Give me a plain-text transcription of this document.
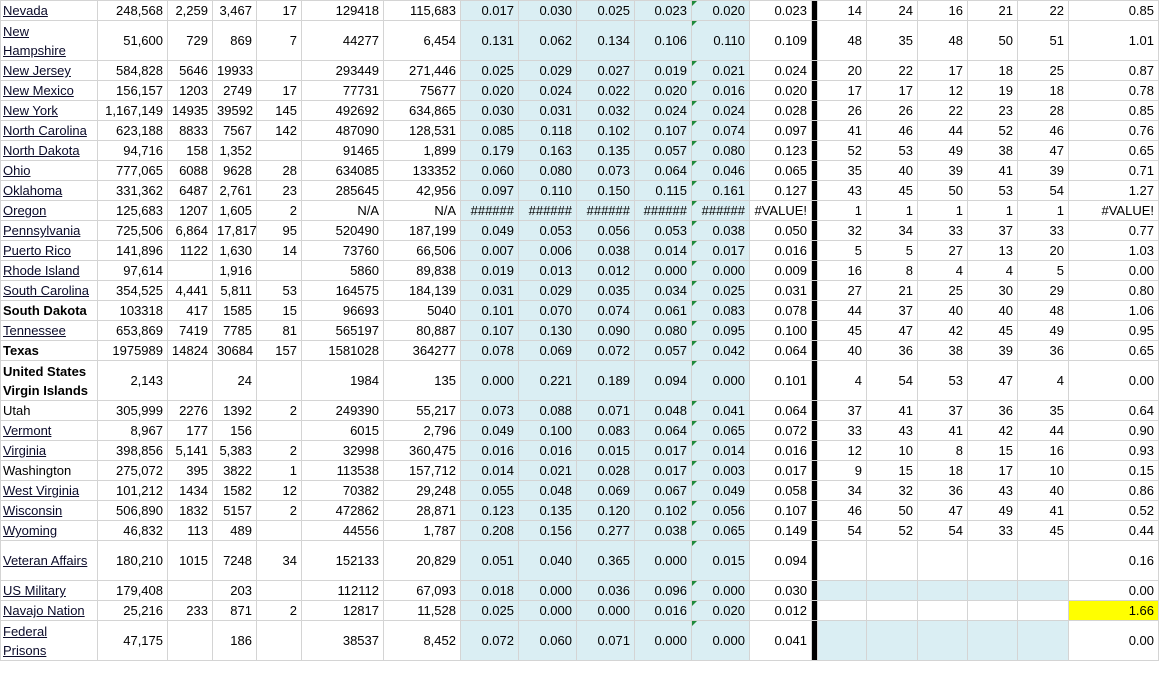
Nevada	248,568	2,259	3,467	17	129418	115,683	0.017	0.030	0.025	0.023	0.020	0.023		14	24	16	21	22	0.85
New Hampshire	51,600	729	869	7	44277	6,454	0.131	0.062	0.134	0.106	0.110	0.109		48	35	48	50	51	1.01
New Jersey	584,828	5646	19933		293449	271,446	0.025	0.029	0.027	0.019	0.021	0.024		20	22	17	18	25	0.87
New Mexico	156,157	1203	2749	17	77731	75677	0.020	0.024	0.022	0.020	0.016	0.020		17	17	12	19	18	0.78
New York	1,167,149	14935	39592	145	492692	634,865	0.030	0.031	0.032	0.024	0.024	0.028		26	26	22	23	28	0.85
North Carolina	623,188	8833	7567	142	487090	128,531	0.085	0.118	0.102	0.107	0.074	0.097		41	46	44	52	46	0.76
North Dakota	94,716	158	1,352		91465	1,899	0.179	0.163	0.135	0.057	0.080	0.123		52	53	49	38	47	0.65
Ohio	777,065	6088	9628	28	634085	133352	0.060	0.080	0.073	0.064	0.046	0.065		35	40	39	41	39	0.71
Oklahoma	331,362	6487	2,761	23	285645	42,956	0.097	0.110	0.150	0.115	0.161	0.127		43	45	50	53	54	1.27
Oregon	125,683	1207	1,605	2	N/A	N/A	######	######	######	######	######	#VALUE!		1	1	1	1	1	#VALUE!
Pennsylvania	725,506	6,864	17,817	95	520490	187,199	0.049	0.053	0.056	0.053	0.038	0.050		32	34	33	37	33	0.77
Puerto Rico	141,896	1122	1,630	14	73760	66,506	0.007	0.006	0.038	0.014	0.017	0.016		5	5	27	13	20	1.03
Rhode Island	97,614		1,916		5860	89,838	0.019	0.013	0.012	0.000	0.000	0.009		16	8	4	4	5	0.00
South Carolina	354,525	4,441	5,811	53	164575	184,139	0.031	0.029	0.035	0.034	0.025	0.031		27	21	25	30	29	0.80
South Dakota	103318	417	1585	15	96693	5040	0.101	0.070	0.074	0.061	0.083	0.078		44	37	40	40	48	1.06
Tennessee	653,869	7419	7785	81	565197	80,887	0.107	0.130	0.090	0.080	0.095	0.100		45	47	42	45	49	0.95
Texas	1975989	14824	30684	157	1581028	364277	0.078	0.069	0.072	0.057	0.042	0.064		40	36	38	39	36	0.65
United States Virgin Islands	2,143		24		1984	135	0.000	0.221	0.189	0.094	0.000	0.101		4	54	53	47	4	0.00
Utah	305,999	2276	1392	2	249390	55,217	0.073	0.088	0.071	0.048	0.041	0.064		37	41	37	36	35	0.64
Vermont	8,967	177	156		6015	2,796	0.049	0.100	0.083	0.064	0.065	0.072		33	43	41	42	44	0.90
Virginia	398,856	5,141	5,383	2	32998	360,475	0.016	0.016	0.015	0.017	0.014	0.016		12	10	8	15	16	0.93
Washington	275,072	395	3822	1	113538	157,712	0.014	0.021	0.028	0.017	0.003	0.017		9	15	18	17	10	0.15
West Virginia	101,212	1434	1582	12	70382	29,248	0.055	0.048	0.069	0.067	0.049	0.058		34	32	36	43	40	0.86
Wisconsin	506,890	1832	5157	2	472862	28,871	0.123	0.135	0.120	0.102	0.056	0.107		46	50	47	49	41	0.52
Wyoming	46,832	113	489		44556	1,787	0.208	0.156	0.277	0.038	0.065	0.149		54	52	54	33	45	0.44
Veteran Affairs	180,210	1015	7248	34	152133	20,829	0.051	0.040	0.365	0.000	0.015	0.094							0.16
US Military	179,408		203		112112	67,093	0.018	0.000	0.036	0.096	0.000	0.030							0.00
Navajo Nation	25,216	233	871	2	12817	11,528	0.025	0.000	0.000	0.016	0.020	0.012							1.66
Federal Prisons	47,175		186		38537	8,452	0.072	0.060	0.071	0.000	0.000	0.041							0.00
